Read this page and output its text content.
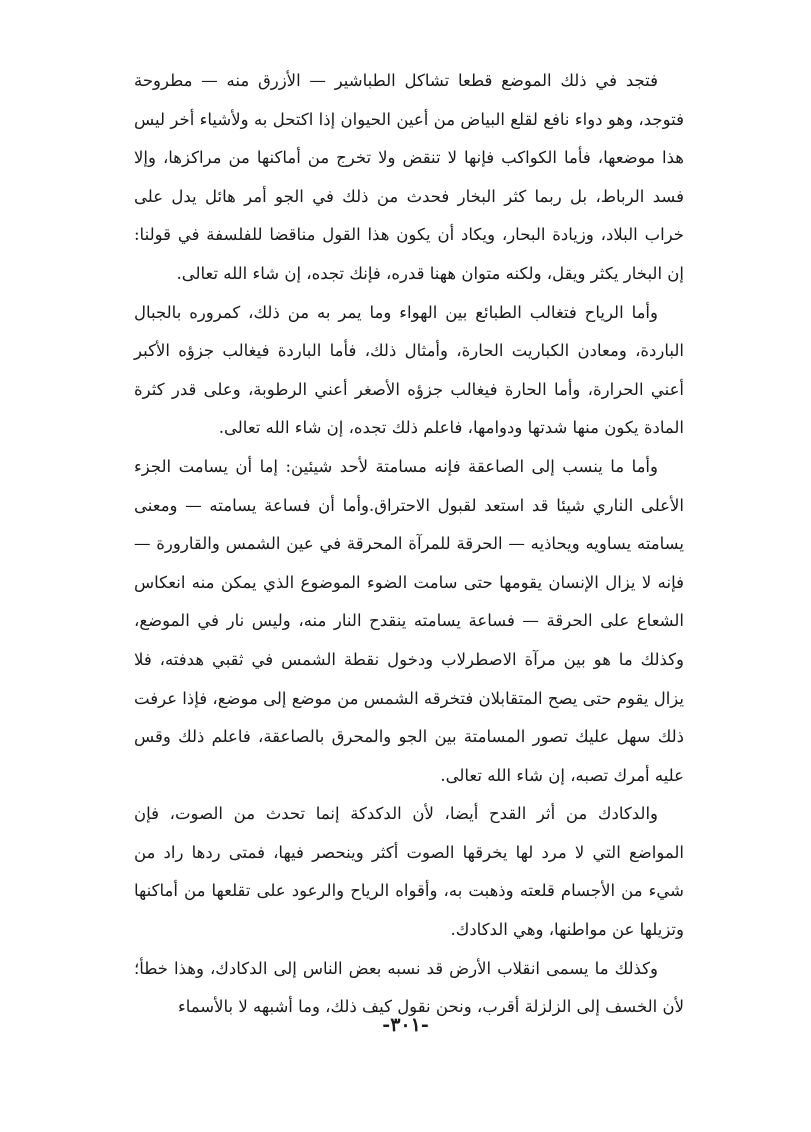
فتجد في ذلك الموضع قطعا تشاكل الطباشير — الأزرق منه — مطروحة فتوجد، وهو دواء نافع لقلع البياض من أعين الحيوان إذا اكتحل به ولأشياء أخر ليس هذا موضعها، فأما الكواكب فإنها لا تنقض ولا تخرج من أماكنها من مراكزها، وإلا فسد الرباط، بل ربما كثر البخار فحدث من ذلك في الجو أمر هائل يدل على خراب البلاد، وزيادة البحار، ويكاد أن يكون هذا القول مناقضا للفلسفة في قولنا: إن البخار يكثر ويقل، ولكنه متوان ههنا قدره، فإنك تجده، إن شاء الله تعالى.

وأما الرياح فتغالب الطبائع بين الهواء وما يمر به من ذلك، كمروره بالجبال الباردة، ومعادن الكباريت الحارة، وأمثال ذلك، فأما الباردة فيغالب جزؤه الأكبر أعني الحرارة، وأما الحارة فيغالب جزؤه الأصغر أعني الرطوبة، وعلى قدر كثرة المادة يكون منها شدتها ودوامها، فاعلم ذلك تجده، إن شاء الله تعالى.

وأما ما ينسب إلى الصاعقة فإنه مسامتة لأحد شيئين: إما أن يسامت الجزء الأعلى الناري شيئا قد استعد لقبول الاحتراق.وأما أن فساعة يسامته — ومعنى يسامته يساويه ويحاذيه — الحرقة للمرآة المحرقة في عين الشمس والقارورة — فإنه لا يزال الإنسان يقومها حتى سامت الضوء الموضوع الذي يمكن منه انعكاس الشعاع على الحرقة — فساعة يسامته ينقدح النار منه، وليس نار في الموضع، وكذلك ما هو بين مرآة الاصطرلاب ودخول نقطة الشمس في ثقبي هدفته، فلا يزال يقوم حتى يصح المتقابلان فتخرقه الشمس من موضع إلى موضع، فإذا عرفت ذلك سهل عليك تصور المسامتة بين الجو والمحرق بالصاعقة، فاعلم ذلك وقس عليه أمرك تصبه، إن شاء الله تعالى.

والدكادك من أثر القدح أيضا، لأن الدكدكة إنما تحدث من الصوت، فإن المواضع التي لا مرد لها يخرقها الصوت أكثر وينحصر فيها، فمتى ردها راد من شيء من الأجسام قلعته وذهبت به، وأقواه الرياح والرعود على تقلعها من أماكنها وتزيلها عن مواطنها، وهي الدكادك.

وكذلك ما يسمى انقلاب الأرض قد نسبه بعض الناس إلى الدكادك، وهذا خطأ؛ لأن الخسف إلى الزلزلة أقرب، ونحن نقول كيف ذلك، وما أشبهه لا بالأسماء

-٣٠١-
